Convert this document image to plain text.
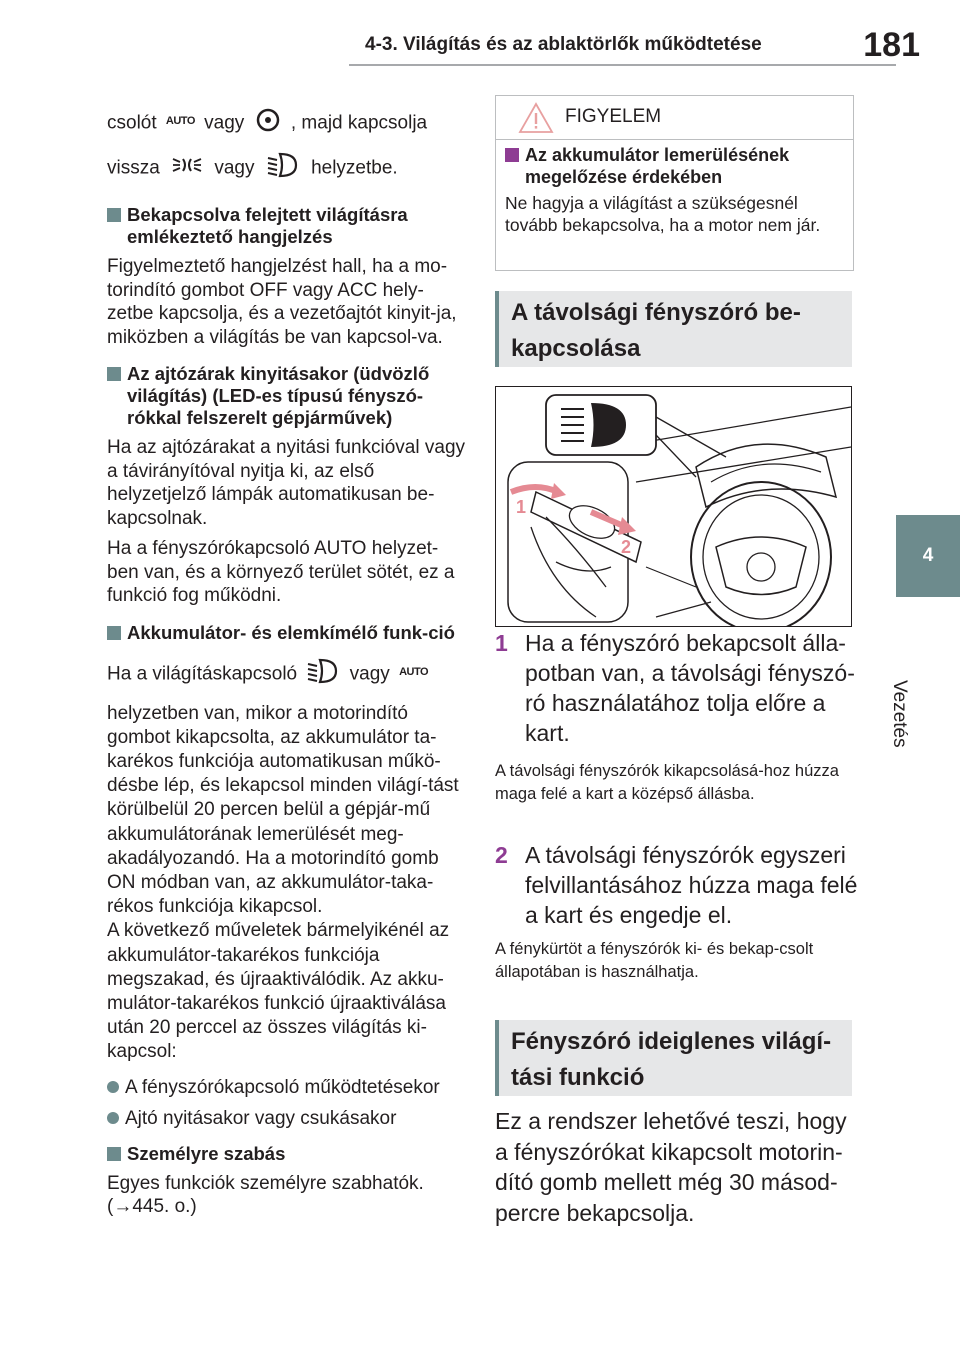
4-3. Világítás és az ablaktörlők működtetése	181
4
Vezetés
csolót AUTO vagy , majd kapcsolja
vissza	vagy	helyzetbe.

Bekapcsolva felejtett világításra emlékeztető hangjelzés

Figyelmeztető hangjelzést hall, ha a mo-torindító gombot OFF vagy ACC hely-zetbe kapcsolja, és a vezetőajtót kinyit-ja, miközben a világítás be van kapcsol-va.

Az ajtózárak kinyitásakor (üdvözlő világítás) (LED-es típusú fényszó-rókkal felszerelt gépjárművek)

Ha az ajtózárakat a nyitási funkcióval vagy a távirányítóval nyitja ki, az első helyzetjelző lámpák automatikusan be-kapcsolnak.

Ha a fényszórókapcsoló AUTO helyzet-ben van, és a környező terület sötét, ez a funkció fog működni.

Akkumulátor- és elemkímélő funk-ció

Ha a világításkapcsoló	vagy AUTO

helyzetben van, mikor a motorindító gombot kikapcsolta, az akkumulátor ta-karékos funkciója automatikusan műkö-désbe lép, és lekapcsol minden világí-tást körülbelül 20 percen belül a gépjár-mű akkumulátorának lemerülését meg-akadályozandó. Ha a motorindító gomb ON módban van, az akkumulátor-taka-rékos funkciója kikapcsol.

A következő műveletek bármelyikénél az akkumulátor-takarékos funkciója megszakad, és újraaktiválódik. Az akku-mulátor-takarékos funkció újraaktiválása után 20 perccel az összes világítás ki-kapcsol:

A fényszórókapcsoló működtetésekor

Ajtó nyitásakor vagy csukásakor

Személyre szabás

Egyes funkciók személyre szabhatók.

(→445. o.)

FIGYELEM

Az akkumulátor lemerülésének megelőzése érdekében

Ne hagyja a világítást a szükségesnél tovább bekapcsolva, ha a motor nem jár.

A távolsági fényszóró be-
kapcsolása
1
2
1 Ha a fényszóró bekapcsolt álla-potban van, a távolsági fényszó-ró használatához tolja előre a kart.
A távolsági fényszórók kikapcsolásá-hoz húzza maga felé a kart a középső állásba.
2 A távolsági fényszórók egyszeri felvillantásához húzza maga felé a kart és engedje el.
A fénykürtöt a fényszórók ki- és bekap-csolt állapotában is használhatja.
Fényszóró ideiglenes világí-
tási funkció
Ez a rendszer lehetővé teszi, hogy a fényszórókat kikapcsolt motorin-dító gomb mellett még 30 másod-percre bekapcsolja.
